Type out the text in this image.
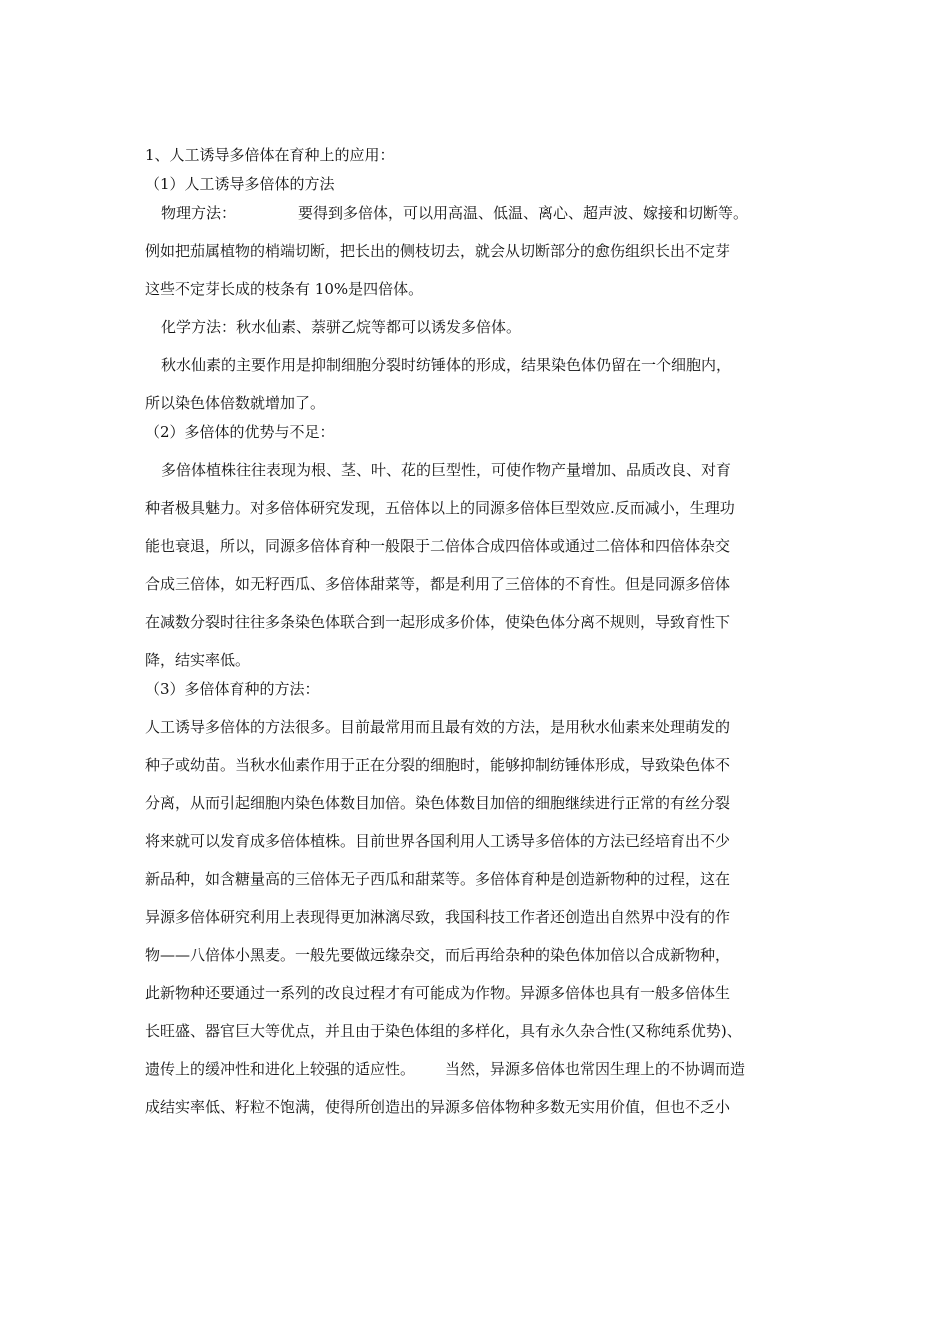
1、人工诱导多倍体在育种上的应用：
（1）人工诱导多倍体的方法
物理方法：	要得到多倍体，可以用高温、低温、离心、超声波、嫁接和切断等。
例如把茄属植物的梢端切断，把长出的侧枝切去，就会从切断部分的愈伤组织长出不定芽
这些不定芽长成的枝条有 10%是四倍体。
化学方法：秋水仙素、萘骈乙烷等都可以诱发多倍体。
秋水仙素的主要作用是抑制细胞分裂时纺锤体的形成，结果染色体仍留在一个细胞内，
所以染色体倍数就增加了。
（2）多倍体的优势与不足：
多倍体植株往往表现为根、茎、叶、花的巨型性，可使作物产量增加、品质改良、对育
种者极具魅力。对多倍体研究发现，五倍体以上的同源多倍体巨型效应.反而减小，生理功
能也衰退，所以，同源多倍体育种一般限于二倍体合成四倍体或通过二倍体和四倍体杂交
合成三倍体，如无籽西瓜、多倍体甜菜等，都是利用了三倍体的不育性。但是同源多倍体
在减数分裂时往往多条染色体联合到一起形成多价体，使染色体分离不规则，导致育性下
降，结实率低。
（3）多倍体育种的方法：
人工诱导多倍体的方法很多。目前最常用而且最有效的方法，是用秋水仙素来处理萌发的
种子或幼苗。当秋水仙素作用于正在分裂的细胞时，能够抑制纺锤体形成，导致染色体不
分离，从而引起细胞内染色体数目加倍。染色体数目加倍的细胞继续进行正常的有丝分裂
将来就可以发育成多倍体植株。目前世界各国利用人工诱导多倍体的方法已经培育出不少
新品种，如含糖量高的三倍体无子西瓜和甜菜等。多倍体育种是创造新物种的过程，这在
异源多倍体研究利用上表现得更加淋漓尽致，我国科技工作者还创造出自然界中没有的作
物——八倍体小黑麦。一般先要做远缘杂交，而后再给杂种的染色体加倍以合成新物种，
此新物种还要通过一系列的改良过程才有可能成为作物。异源多倍体也具有一般多倍体生
长旺盛、器官巨大等优点，并且由于染色体组的多样化，具有永久杂合性(又称纯系优势)、
遗传上的缓冲性和进化上较强的适应性。 当然，异源多倍体也常因生理上的不协调而造
成结实率低、籽粒不饱满，使得所创造出的异源多倍体物种多数无实用价值，但也不乏小
